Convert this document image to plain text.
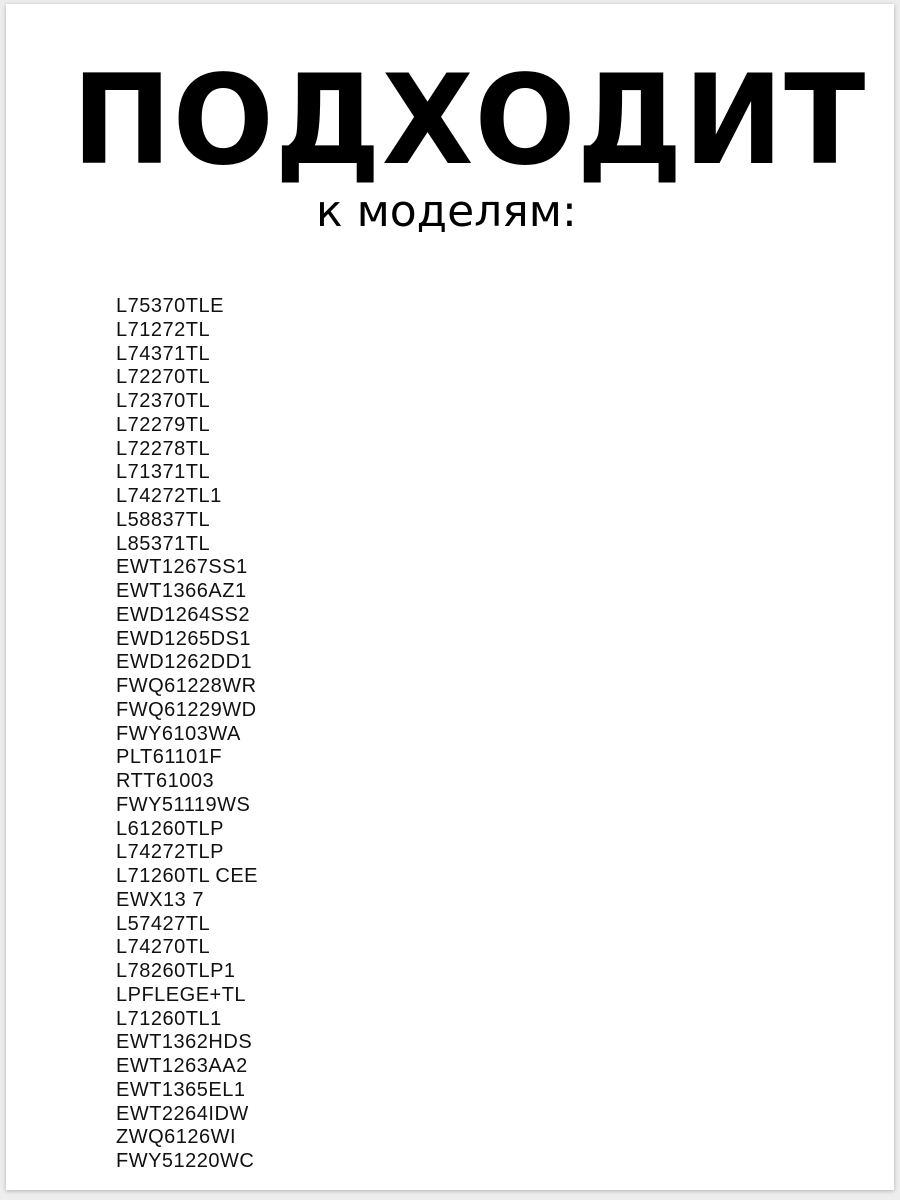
ПОДХОДИТ
к моделям:
L75370TLE
L71272TL
L74371TL
L72270TL
L72370TL
L72279TL
L72278TL
L71371TL
L74272TL1
L58837TL
L85371TL
EWT1267SS1
EWT1366AZ1
EWD1264SS2
EWD1265DS1
EWD1262DD1
FWQ61228WR
FWQ61229WD
FWY6103WA
PLT61101F
RTT61003
FWY51119WS
L61260TLP
L74272TLP
L71260TL CEE
EWX13 7
L57427TL
L74270TL
L78260TLP1
LPFLEGE+TL
L71260TL1
EWT1362HDS
EWT1263AA2
EWT1365EL1
EWT2264IDW
ZWQ6126WI
FWY51220WC
